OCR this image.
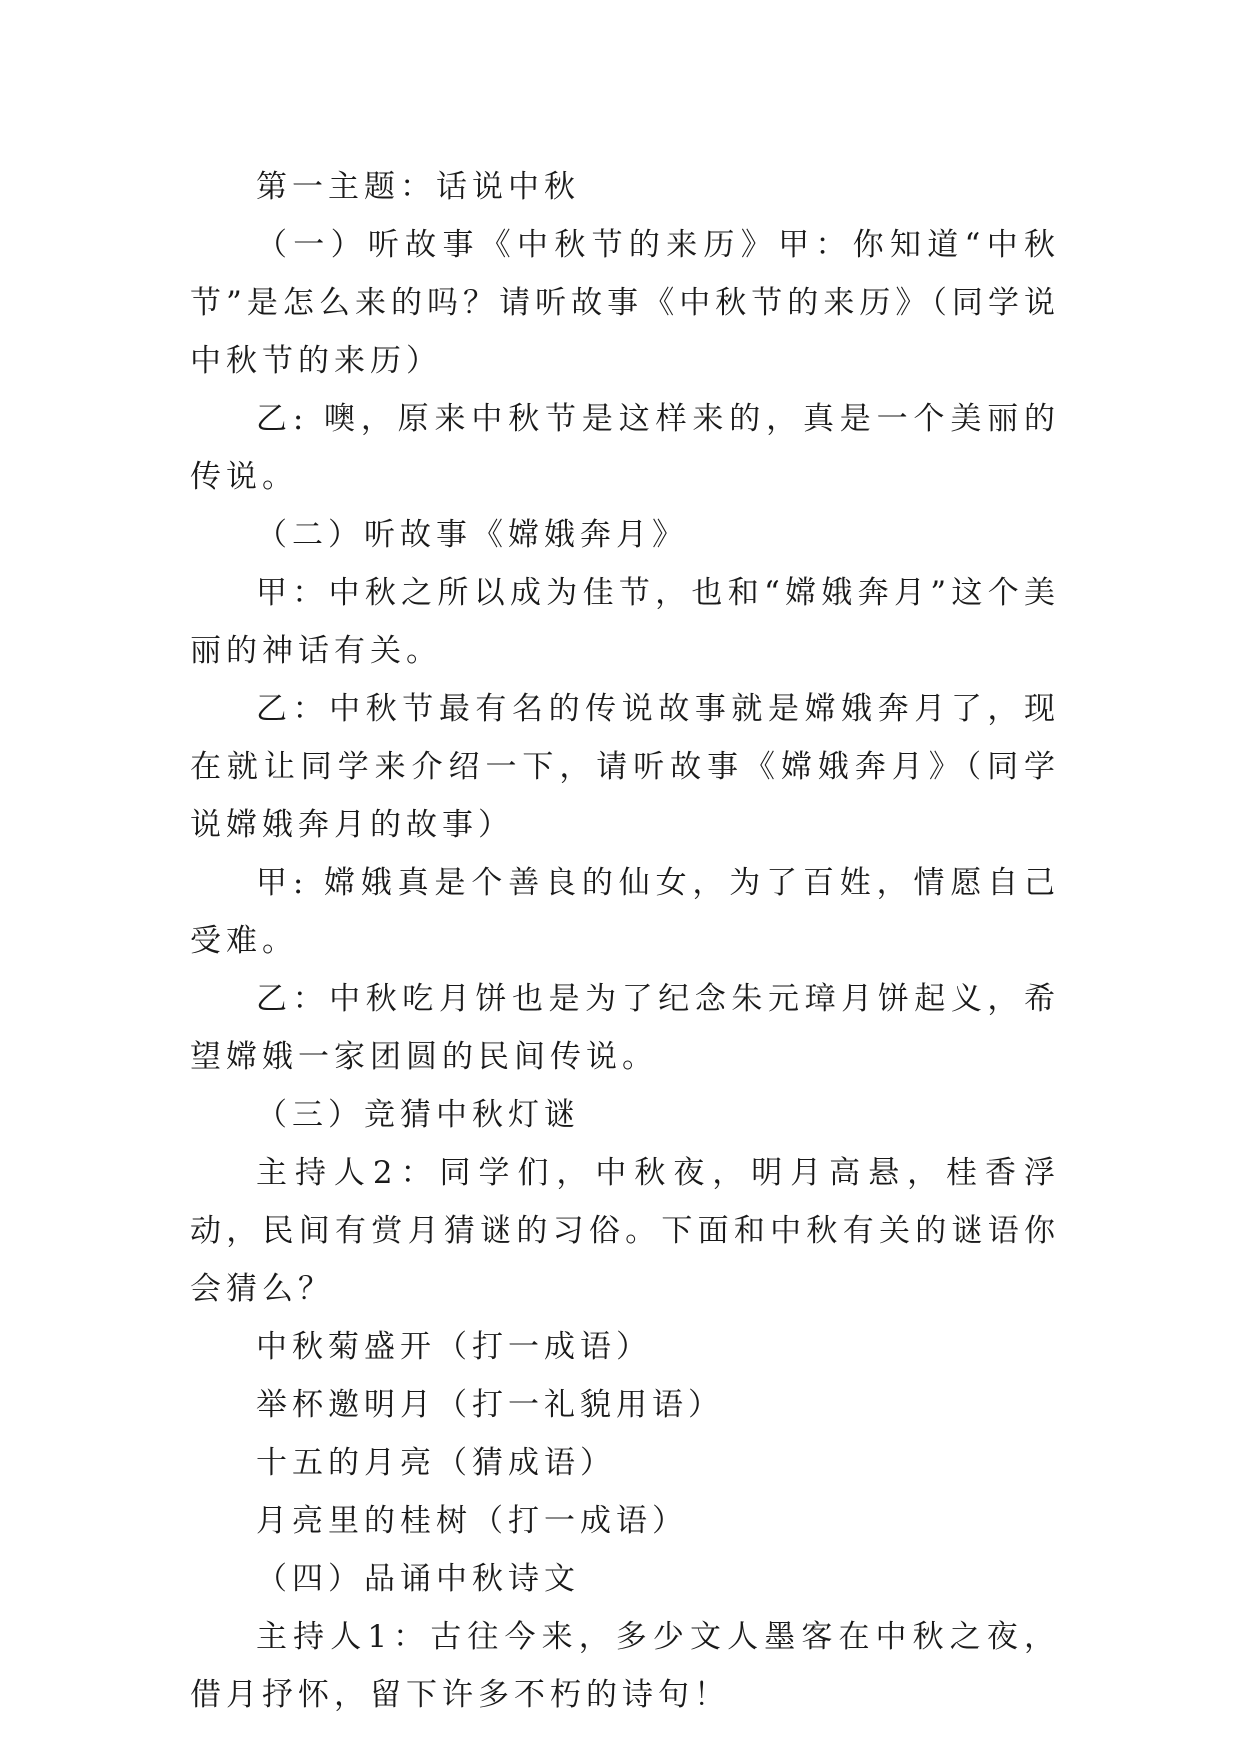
第一主题：话说中秋

（一）听故事《中秋节的来历》甲：你知道“中秋节”是怎么来的吗？请听故事《中秋节的来历》（同学说中秋节的来历）

乙: 噢，原来中秋节是这样来的，真是一个美丽的传说。

（二）听故事《嫦娥奔月》

甲：中秋之所以成为佳节，也和“嫦娥奔月”这个美丽的神话有关。

乙：中秋节最有名的传说故事就是嫦娥奔月了，现在就让同学来介绍一下，请听故事《嫦娥奔月》（同学说嫦娥奔月的故事）

甲: 嫦娥真是个善良的仙女，为了百姓，情愿自己受难。

乙：中秋吃月饼也是为了纪念朱元璋月饼起义，希望嫦娥一家团圆的民间传说。

（三）竞猜中秋灯谜

主持人2：同学们，中秋夜，明月高悬，桂香浮动，民间有赏月猜谜的习俗。下面和中秋有关的谜语你会猜么？

中秋菊盛开（打一成语）

举杯邀明月（打一礼貌用语）

十五的月亮（猜成语）

月亮里的桂树（打一成语）

（四）品诵中秋诗文

主持人1：古往今来，多少文人墨客在中秋之夜，借月抒怀，留下许多不朽的诗句！
